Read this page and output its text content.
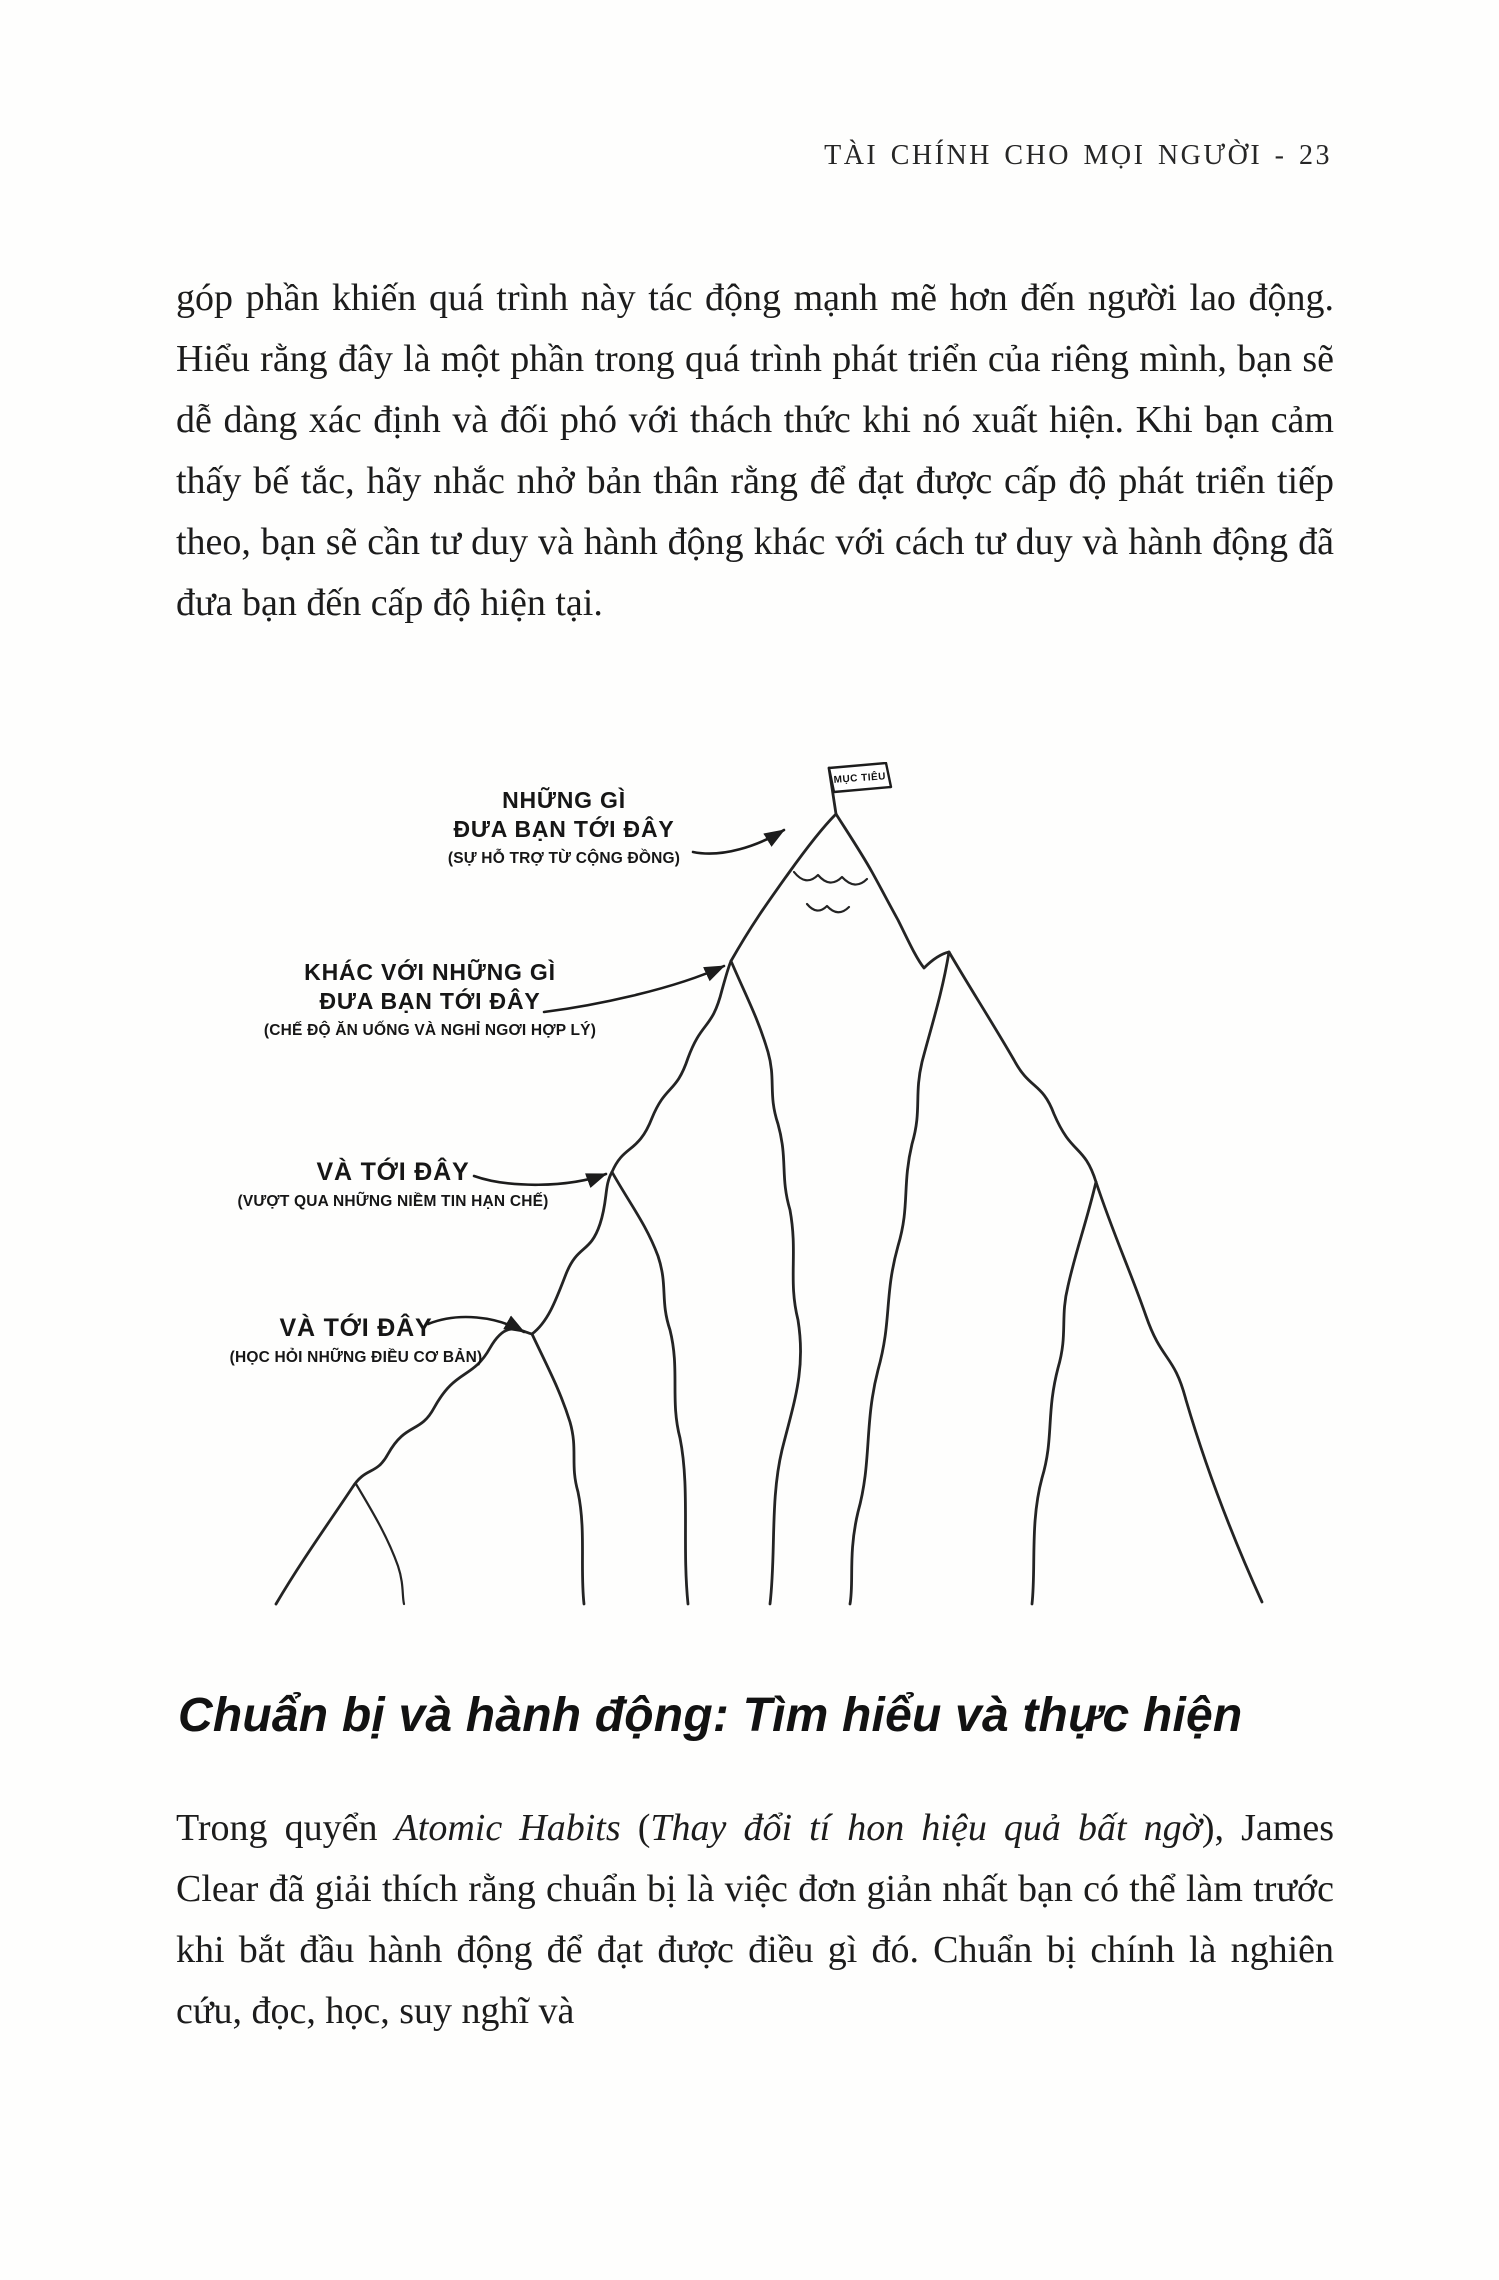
TÀI CHÍNH CHO MỌI NGƯỜI - 23

góp phần khiến quá trình này tác động mạnh mẽ hơn đến người lao động. Hiểu rằng đây là một phần trong quá trình phát triển của riêng mình, bạn sẽ dễ dàng xác định và đối phó với thách thức khi nó xuất hiện. Khi bạn cảm thấy bế tắc, hãy nhắc nhở bản thân rằng để đạt được cấp độ phát triển tiếp theo, bạn sẽ cần tư duy và hành động khác với cách tư duy và hành động đã đưa bạn đến cấp độ hiện tại.

MỤC TIÊU
NHỮNG GÌ
ĐƯA BẠN TỚI ĐÂY
(SỰ HỖ TRỢ TỪ CỘNG ĐỒNG)
KHÁC VỚI NHỮNG GÌ
ĐƯA BẠN TỚI ĐÂY
(CHẾ ĐỘ ĂN UỐNG VÀ NGHỈ NGƠI HỢP LÝ)
VÀ TỚI ĐÂY
(VƯỢT QUA NHỮNG NIỀM TIN HẠN CHẾ)
VÀ TỚI ĐÂY
(HỌC HỎI NHỮNG ĐIỀU CƠ BẢN)
Chuẩn bị và hành động: Tìm hiểu và thực hiện

Trong quyển Atomic Habits (Thay đổi tí hon hiệu quả bất ngờ), James Clear đã giải thích rằng chuẩn bị là việc đơn giản nhất bạn có thể làm trước khi bắt đầu hành động để đạt được điều gì đó. Chuẩn bị chính là nghiên cứu, đọc, học, suy nghĩ và
